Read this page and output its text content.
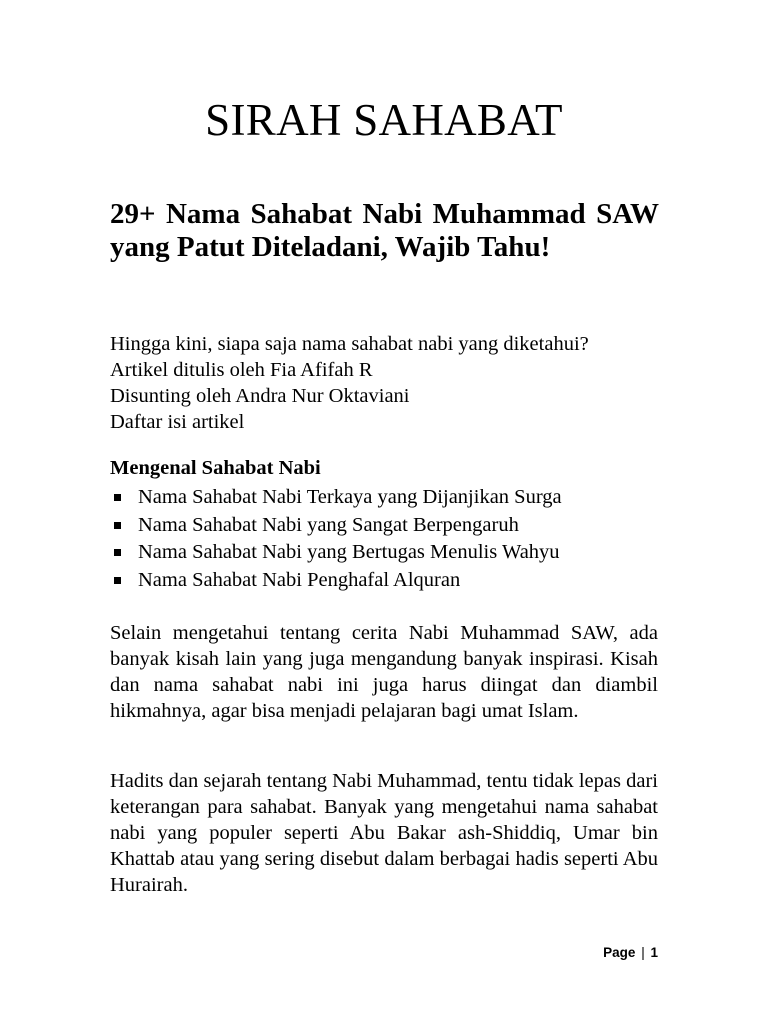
SIRAH SAHABAT
29+ Nama Sahabat Nabi Muhammad SAW yang Patut Diteladani, Wajib Tahu!
Hingga kini, siapa saja nama sahabat nabi yang diketahui?
Artikel ditulis oleh Fia Afifah R
Disunting oleh Andra Nur Oktaviani
Daftar isi artikel
Mengenal Sahabat Nabi
Nama Sahabat Nabi Terkaya yang Dijanjikan Surga
Nama Sahabat Nabi yang Sangat Berpengaruh
Nama Sahabat Nabi yang Bertugas Menulis Wahyu
Nama Sahabat Nabi Penghafal Alquran

Selain mengetahui tentang cerita Nabi Muhammad SAW, ada banyak kisah lain yang juga mengandung banyak inspirasi. Kisah dan nama sahabat nabi ini juga harus diingat dan diambil hikmahnya, agar bisa menjadi pelajaran bagi umat Islam.

Hadits dan sejarah tentang Nabi Muhammad, tentu tidak lepas dari keterangan para sahabat. Banyak yang mengetahui nama sahabat nabi yang populer seperti Abu Bakar ash-Shiddiq, Umar bin Khattab atau yang sering disebut dalam berbagai hadis seperti Abu Hurairah.

Page | 1
